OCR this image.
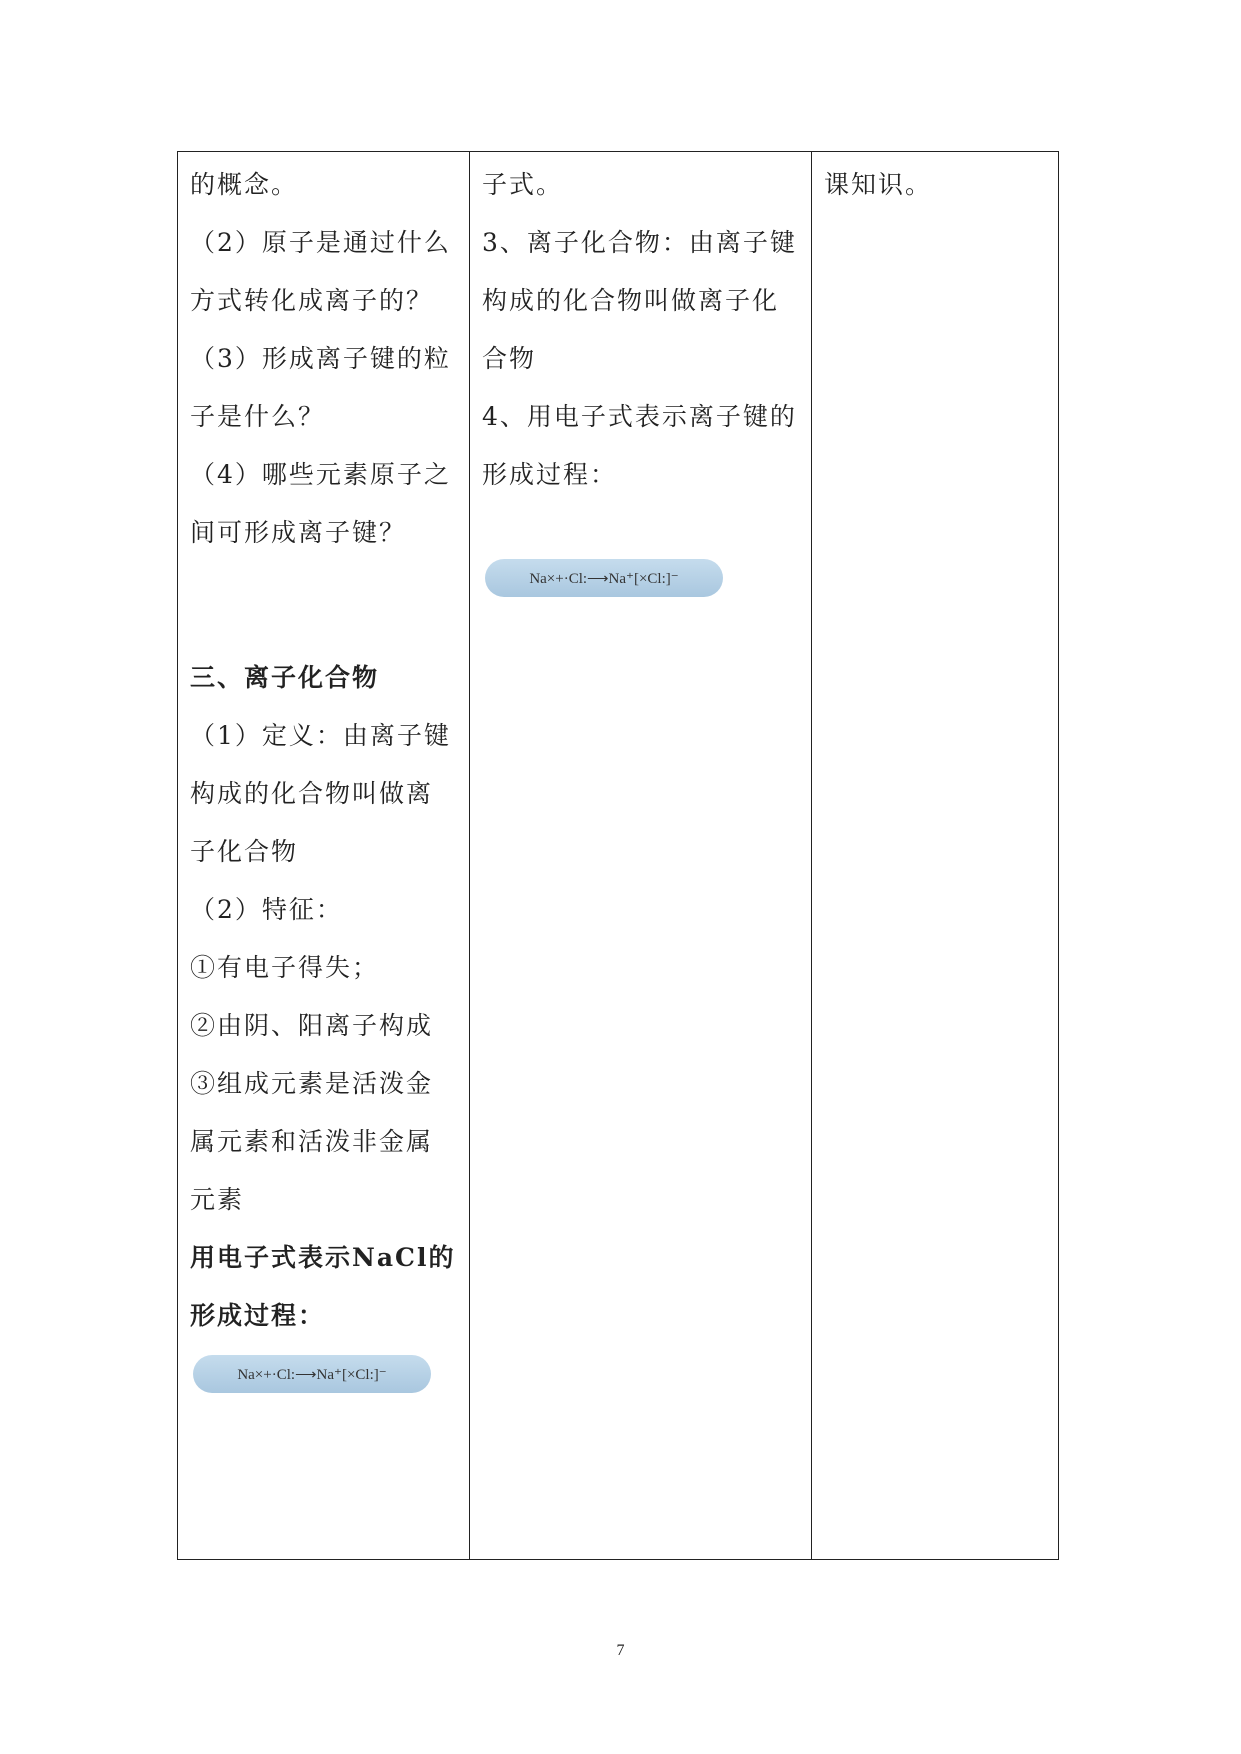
的概念。
（2）原子是通过什么
方式转化成离子的？
（3）形成离子键的粒
子是什么？
（4）哪些元素原子之
间可形成离子键？
三、离子化合物
（1）定义：由离子键
构成的化合物叫做离
子化合物
（2）特征：
①有电子得失；
②由阴、阳离子构成
③组成元素是活泼金
属元素和活泼非金属
元素
用电子式表示NaCl的
形成过程：
Na×+·Cl:⟶Na⁺[×Cl:]⁻
子式。
3、离子化合物：由离子键
构成的化合物叫做离子化
合物
4、用电子式表示离子键的
形成过程：
Na×+·Cl:⟶Na⁺[×Cl:]⁻
课知识。
7
